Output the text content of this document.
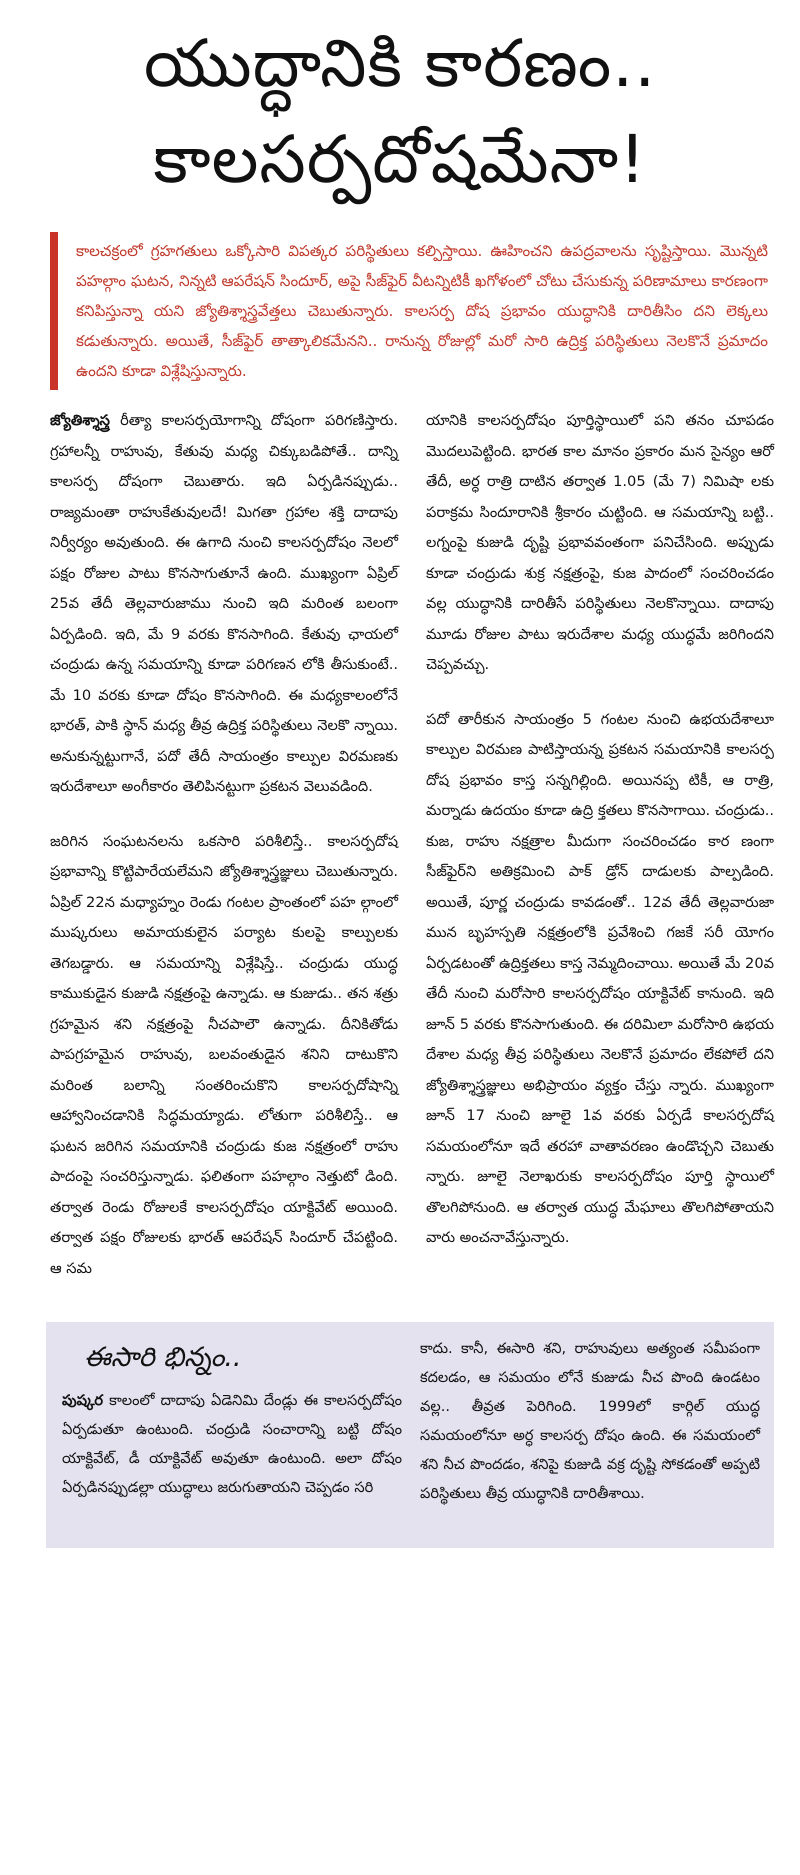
యుద్ధానికి కారణం..
కాలసర్పదోషమేనా!
కాలచక్రంలో గ్రహగతులు ఒక్కోసారి విపత్కర పరిస్థితులు కల్పిస్తాయి. ఊహించని ఉపద్రవాలను సృష్టిస్తాయి. మొన్నటి పహల్గాం ఘటన, నిన్నటి ఆపరేషన్ సిందూర్, అపై సీజ్‌ఫైర్ వీటన్నిటికీ ఖగోళంలో చోటు చేసుకున్న పరిణామాలు కారణంగా కనిపిస్తున్నా యని జ్యోతిశ్శాస్త్రవేత్తలు చెబుతున్నారు. కాలసర్ప దోష ప్రభావం యుద్ధానికి దారితీసిం దని లెక్కలు కడుతున్నారు. అయితే, సీజ్‌ఫైర్ తాత్కాలికమేనని.. రానున్న రోజుల్లో మరో సారి ఉద్రిక్త పరిస్థితులు నెలకొనే ప్రమాదం ఉందని కూడా విశ్లేషిస్తున్నారు.

జ్యోతిశ్శాస్త్ర రీత్యా కాలసర్పయోగాన్ని దోషంగా పరిగణిస్తారు. గ్రహాలన్నీ రాహువు, కేతువు మధ్య చిక్కుబడిపోతే.. దాన్ని కాలసర్ప దోషంగా చెబుతారు. ఇది ఏర్పడినప్పుడు.. రాజ్యమంతా రాహుకేతువులదే! మిగతా గ్రహాల శక్తి దాదాపు నిర్వీర్యం అవుతుంది. ఈ ఉగాది నుంచి కాలసర్పదోషం నెలలో పక్షం రోజుల పాటు కొనసాగుతూనే ఉంది. ముఖ్యంగా ఏప్రిల్ 25వ తేదీ తెల్లవారుజాము నుంచి ఇది మరింత బలంగా ఏర్పడింది. ఇది, మే 9 వరకు కొనసాగింది. కేతువు ఛాయలో చంద్రుడు ఉన్న సమయాన్ని కూడా పరిగణన లోకి తీసుకుంటే.. మే 10 వరకు కూడా దోషం కొనసాగింది. ఈ మధ్యకాలంలోనే భారత్, పాకి స్థాన్ మధ్య తీవ్ర ఉద్రిక్త పరిస్థితులు నెలకొ న్నాయి. అనుకున్నట్టుగానే, పదో తేదీ సాయంత్రం కాల్పుల విరమణకు ఇరుదేశాలూ అంగీకారం తెలిపినట్టుగా ప్రకటన వెలువడింది.

జరిగిన సంఘటనలను ఒకసారి పరిశీలిస్తే.. కాలసర్పదోష ప్రభావాన్ని కొట్టిపారేయలేమని జ్యోతిశ్శాస్త్రజ్ఞులు చెబుతున్నారు. ఏప్రిల్ 22న మధ్యాహ్నం రెండు గంటల ప్రాంతంలో పహ ల్గాంలో ముష్కరులు అమాయకులైన పర్యాట కులపై కాల్పులకు తెగబడ్డారు. ఆ సమయాన్ని విశ్లేషిస్తే.. చంద్రుడు యుద్ధ కాముకుడైన కుజుడి నక్షత్రంపై ఉన్నాడు. ఆ కుజుడు.. తన శత్రు గ్రహమైన శని నక్షత్రంపై నీచపాలౌ ఉన్నాడు. దీనికితోడు పాపగ్రహమైన రాహువు, బలవంతుడైన శనిని దాటుకొని మరింత బలాన్ని సంతరించుకొని కాలసర్పదోషాన్ని ఆహ్వానించడానికి సిద్ధమయ్యాడు. లోతుగా పరిశీలిస్తే.. ఆ ఘటన జరిగిన సమయానికి చంద్రుడు కుజ నక్షత్రంలో రాహు పాదంపై సంచరిస్తున్నాడు. ఫలితంగా పహల్గాం నెత్తుటో డింది. తర్వాత రెండు రోజులకే కాలసర్పదోషం యాక్టివేట్ అయింది. తర్వాత పక్షం రోజులకు భారత్ ఆపరేషన్ సిందూర్ చేపట్టింది. ఆ సమ

యానికి కాలసర్పదోషం పూర్తిస్థాయిలో పని తనం చూపడం మొదలుపెట్టింది. భారత కాల మానం ప్రకారం మన సైన్యం ఆరో తేదీ, అర్ధ రాత్రి దాటిన తర్వాత 1.05 (మే 7) నిమిషా లకు పరాక్రమ సిందూరానికి శ్రీకారం చుట్టింది. ఆ సమయాన్ని బట్టి.. లగ్నంపై కుజుడి దృష్టి ప్రభావవంతంగా పనిచేసింది. అప్పుడు కూడా చంద్రుడు శుక్ర నక్షత్రంపై, కుజ పాదంలో సంచరించడం వల్ల యుద్ధానికి దారితీసే పరిస్థితులు నెలకొన్నాయి. దాదాపు మూడు రోజుల పాటు ఇరుదేశాల మధ్య యుద్ధమే జరిగిందని చెప్పవచ్చు.

పదో తారీకున సాయంత్రం 5 గంటల నుంచి ఉభయదేశాలూ కాల్పుల విరమణ పాటిస్తాయన్న ప్రకటన సమయానికి కాలసర్ప దోష ప్రభావం కాస్త సన్నగిల్లింది. అయినప్ప టికీ, ఆ రాత్రి, మర్నాడు ఉదయం కూడా ఉద్రి క్తతలు కొనసాగాయి. చంద్రుడు.. కుజ, రాహు నక్షత్రాల మీదుగా సంచరించడం కార ణంగా సీజ్‌ఫైర్‌ని అతిక్రమించి పాక్ డ్రోన్ దాడులకు పాల్పడింది. అయితే, పూర్ణ చంద్రుడు కావడంతో.. 12వ తేదీ తెల్లవారుజా మున బృహస్పతి నక్షత్రంలోకి ప్రవేశించి గజకే సరీ యోగం ఏర్పడటంతో ఉద్రిక్తతలు కాస్త నెమ్మదించాయి. అయితే మే 20వ తేదీ నుంచి మరోసారి కాలసర్పదోషం యాక్టివేట్ కానుంది. ఇది జూన్ 5 వరకు కొనసాగుతుంది. ఈ దరిమిలా మరోసారి ఉభయ దేశాల మధ్య తీవ్ర పరిస్థితులు నెలకొనే ప్రమాదం లేకపోలే దని జ్యోతిశ్శాస్త్రజ్ఞులు అభిప్రాయం వ్యక్తం చేస్తు న్నారు. ముఖ్యంగా జూన్ 17 నుంచి జూలై 1వ వరకు ఏర్పడే కాలసర్పదోష సమయంలోనూ ఇదే తరహా వాతావరణం ఉండొచ్చని చెబుతు న్నారు. జూలై నెలాఖరుకు కాలసర్పదోషం పూర్తి స్థాయిలో తొలగిపోనుంది. ఆ తర్వాత యుద్ధ మేఘాలు తొలగిపోతాయని వారు అంచనావేస్తున్నారు.

ఈసారి భిన్నం..

పుష్కర కాలంలో దాదాపు ఏడెనిమి దేండ్లు ఈ కాలసర్పదోషం ఏర్పడుతూ ఉంటుంది. చంద్రుడి సంచారాన్ని బట్టి దోషం యాక్టివేట్, డీ యాక్టివేట్ అవుతూ ఉంటుంది. అలా దోషం ఏర్పడినప్పుడల్లా యుద్ధాలు జరుగుతాయని చెప్పడం సరి

కాదు. కానీ, ఈసారి శని, రాహువులు అత్యంత సమీపంగా కదలడం, ఆ సమయం లోనే కుజుడు నీచ పొంది ఉండటం వల్ల.. తీవ్రత పెరిగింది. 1999లో కార్గిల్ యుద్ధ సమయంలోనూ అర్ధ కాలసర్ప దోషం ఉంది. ఈ సమయంలో శని నీచ పొందడం, శనిపై కుజుడి వక్ర దృష్టి సోకడంతో అప్పటి పరిస్థితులు తీవ్ర యుద్ధానికి దారితీశాయి.
